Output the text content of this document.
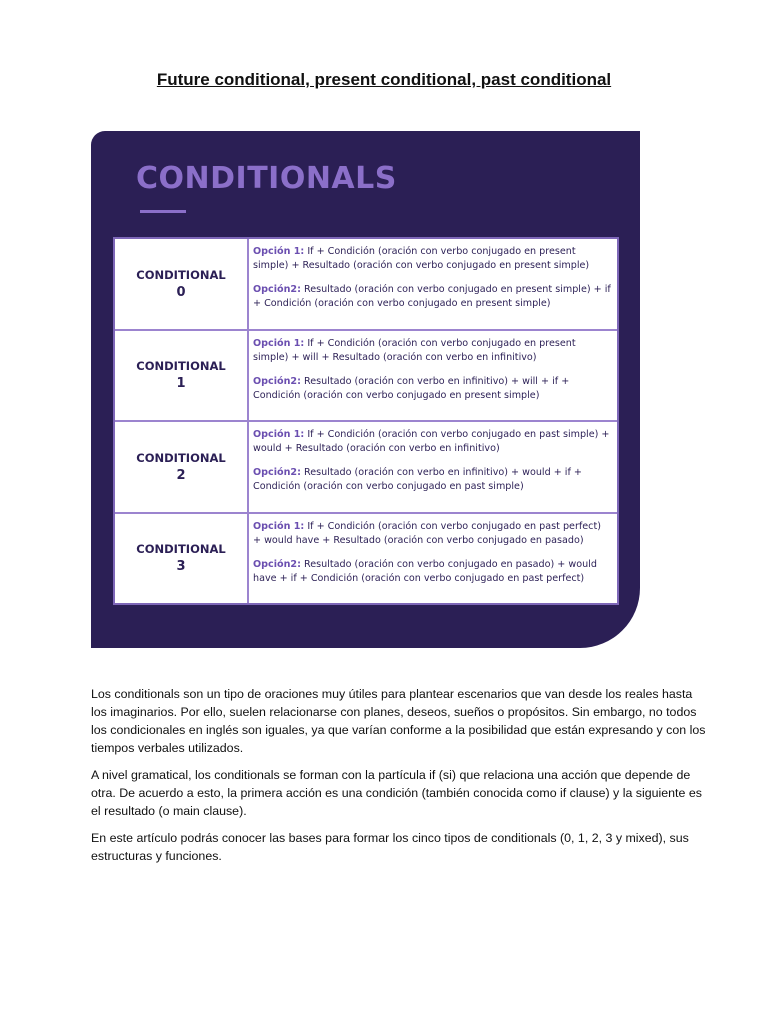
Future conditional, present conditional, past conditional
CONDITIONALS
CONDITIONAL
0

Opción 1: If + Condición (oración con verbo conjugado en present simple) + Resultado (oración con verbo conjugado en present simple)

Opción2: Resultado (oración con verbo conjugado en present simple) + if + Condición (oración con verbo conjugado en present simple)

CONDITIONAL
1

Opción 1: If + Condición (oración con verbo conjugado en present simple) + will + Resultado (oración con verbo en infinitivo)

Opción2: Resultado (oración con verbo en infinitivo) + will + if + Condición (oración con verbo conjugado en present simple)

CONDITIONAL
2

Opción 1: If + Condición (oración con verbo conjugado en past simple) + would + Resultado (oración con verbo en infinitivo)

Opción2: Resultado (oración con verbo en infinitivo) + would + if + Condición (oración con verbo conjugado en past simple)

CONDITIONAL
3

Opción 1: If + Condición (oración con verbo conjugado en past perfect) + would have + Resultado (oración con verbo conjugado en pasado)

Opción2: Resultado (oración con verbo conjugado en pasado) + would have + if + Condición (oración con verbo conjugado en past perfect)

Los conditionals son un tipo de oraciones muy útiles para plantear escenarios que van desde los reales hasta los imaginarios. Por ello, suelen relacionarse con planes, deseos, sueños o propósitos. Sin embargo, no todos los condicionales en inglés son iguales, ya que varían conforme a la posibilidad que están expresando y con los tiempos verbales utilizados.

A nivel gramatical, los conditionals se forman con la partícula if (si) que relaciona una acción que depende de otra. De acuerdo a esto, la primera acción es una condición (también conocida como if clause) y la siguiente es el resultado (o main clause).

En este artículo podrás conocer las bases para formar los cinco tipos de conditionals (0, 1, 2, 3 y mixed), sus estructuras y funciones.
